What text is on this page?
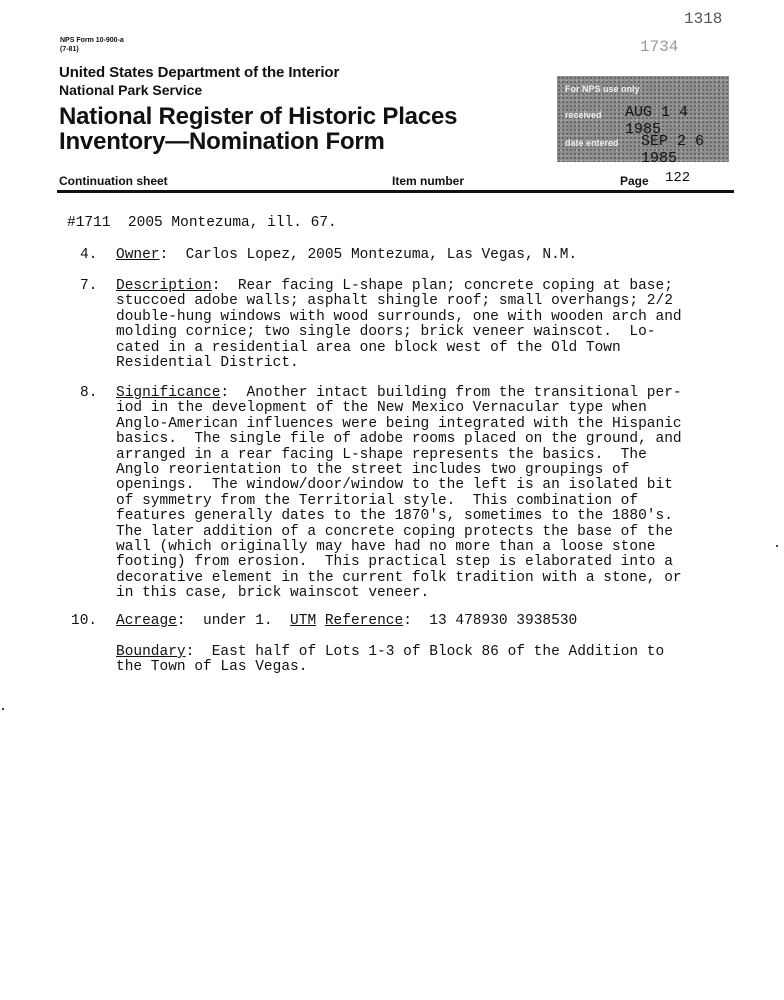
NPS Form 10-900-a
(7-81)
1318
1734
United States Department of the Interior
National Park Service
National Register of Historic Places
Inventory—Nomination Form
For NPS use only
received AUG 1 4 1985
date entered SEP 2 6 1985
Continuation sheet	Item number	Page 122
#1711  2005 Montezuma, ill. 67.
4. Owner:  Carlos Lopez, 2005 Montezuma, Las Vegas, N.M.
7. Description:  Rear facing L-shape plan; concrete coping at base;
stuccoed adobe walls; asphalt shingle roof; small overhangs; 2/2
double-hung windows with wood surrounds, one with wooden arch and
molding cornice; two single doors; brick veneer wainscot.  Lo-
cated in a residential area one block west of the Old Town
Residential District.
8. Significance:  Another intact building from the transitional per-
iod in the development of the New Mexico Vernacular type when
Anglo-American influences were being integrated with the Hispanic
basics.  The single file of adobe rooms placed on the ground, and
arranged in a rear facing L-shape represents the basics.  The
Anglo reorientation to the street includes two groupings of
openings.  The window/door/window to the left is an isolated bit
of symmetry from the Territorial style.  This combination of
features generally dates to the 1870's, sometimes to the 1880's.
The later addition of a concrete coping protects the base of the
wall (which originally may have had no more than a loose stone
footing) from erosion.  This practical step is elaborated into a
decorative element in the current folk tradition with a stone, or
in this case, brick wainscot veneer.
10. Acreage:  under 1.  UTM Reference:  13 478930 3938530
Boundary:  East half of Lots 1-3 of Block 86 of the Addition to
the Town of Las Vegas.
